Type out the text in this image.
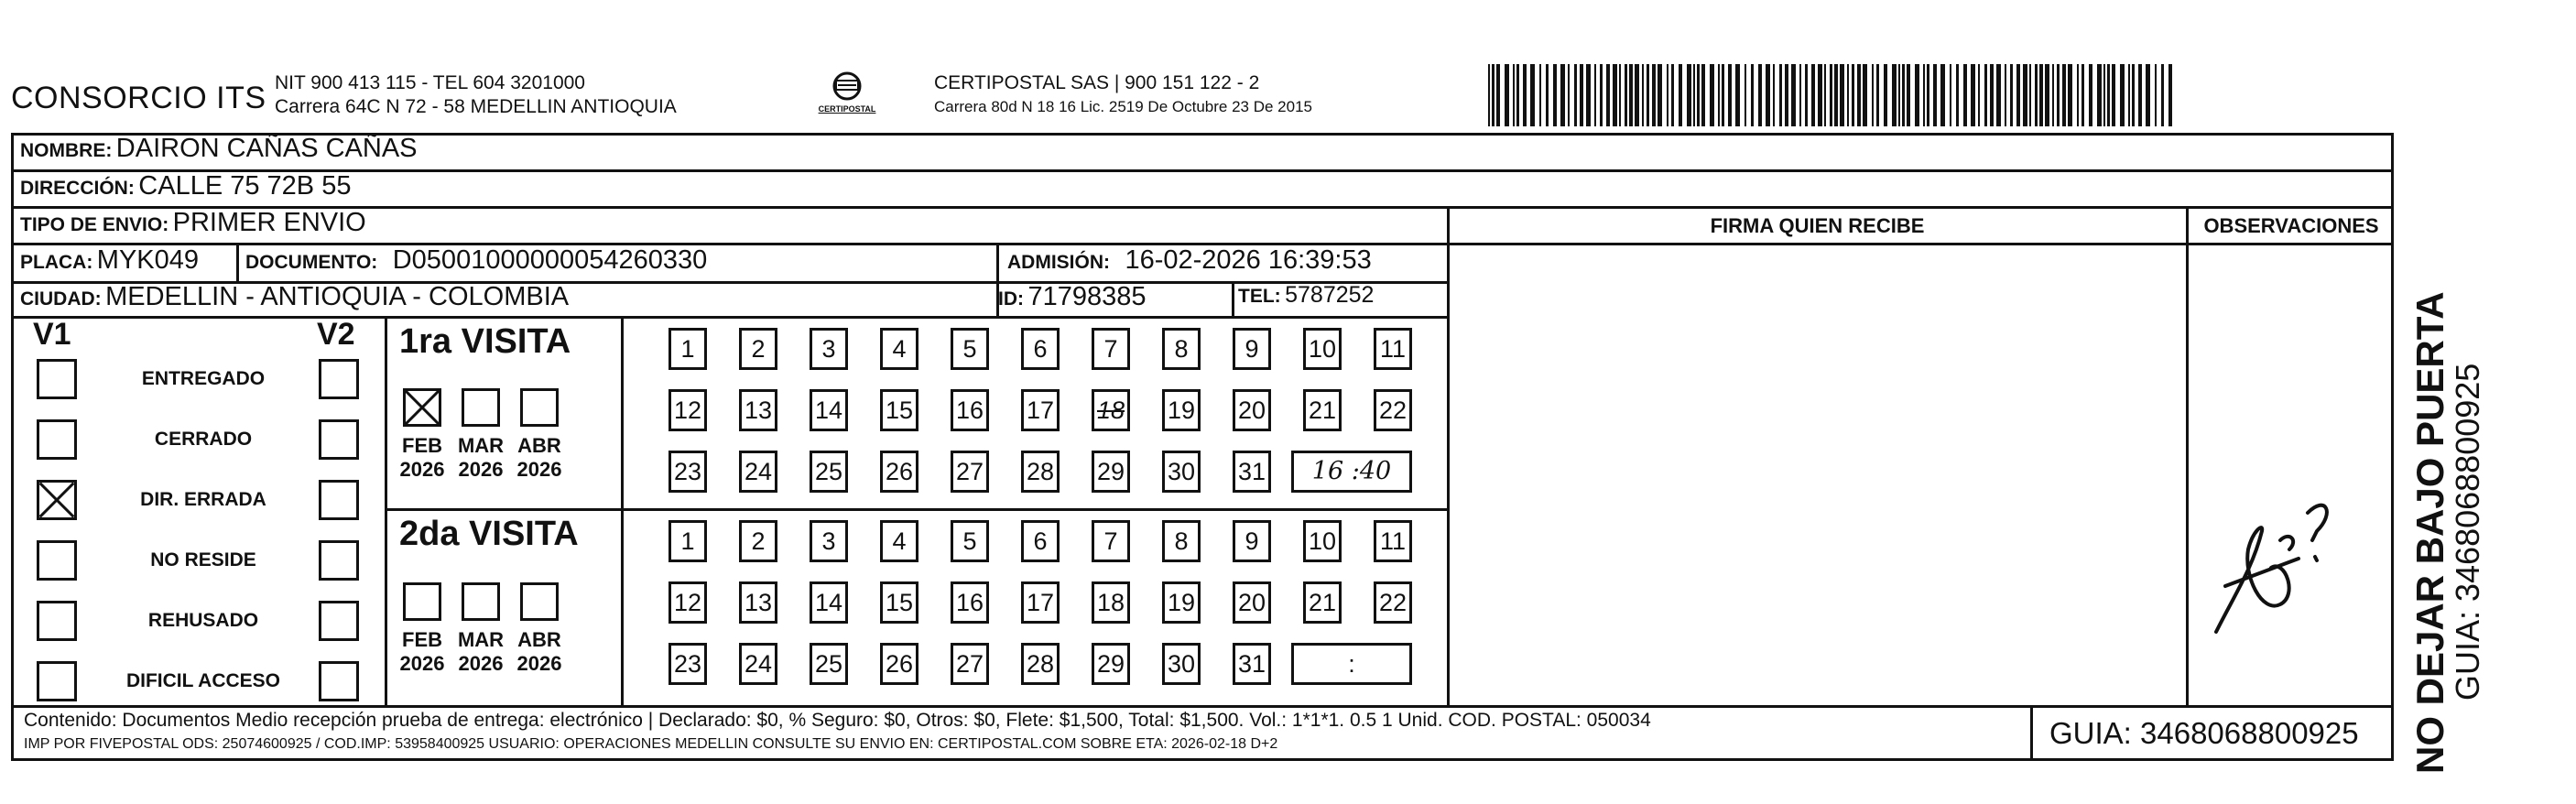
CONSORCIO ITS NIT 900 413 115 - TEL 604 3201000
Carrera 64C N 72 - 58 MEDELLIN ANTIOQUIA	CERTIPOSTAL
CERTIPOSTAL SAS | 900 151 122 - 2
Carrera 80d N 18 16 Lic. 2519 De Octubre 23 De 2015
NO DEJAR BAJO PUERTA
GUIA: 3468068800925
NOMBRE: DAIRON CAÑAS CAÑAS
DIRECCIÓN: CALLE 75 72B 55
TIPO DE ENVIO: PRIMER ENVIO
PLACA: MYK049 DOCUMENTO: D05001000000054260330	ADMISIÓN: 16-02-2026 16:39:53
CIUDAD: MEDELLIN - ANTIOQUIA - COLOMBIA	ID: 71798385	TEL: 5787252
FIRMA QUIEN RECIBE	OBSERVACIONES
V1	V2
ENTREGADO
CERRADO
DIR. ERRADA
NO RESIDE
REHUSADO
DIFICIL ACCESO
1ra VISITA
2da VISITA
FEB
2026
MAR
2026
ABR
2026
FEB
2026
MAR
2026
ABR
2026
1	2	3	4	5	6	7	8	9	10 11
12 13 14 15 16 17 18 19 20 21 22
23 24 25 26 27 28 29 30 31	16 :40
1	2	3	4	5	6	7	8	9	10 11
12 13 14 15 16 17 18 19 20 21 22
23 24 25 26 27 28 29 30 31	:
Contenido: Documentos Medio recepción prueba de entrega: electrónico | Declarado: $0, % Seguro: $0, Otros: $0, Flete: $1,500, Total: $1,500. Vol.: 1*1*1. 0.5 1 Unid. COD. POSTAL: 050034
IMP POR FIVEPOSTAL ODS: 25074600925 / COD.IMP: 53958400925 USUARIO: OPERACIONES MEDELLIN CONSULTE SU ENVIO EN: CERTIPOSTAL.COM SOBRE ETA: 2026-02-18 D+2	GUIA: 3468068800925
